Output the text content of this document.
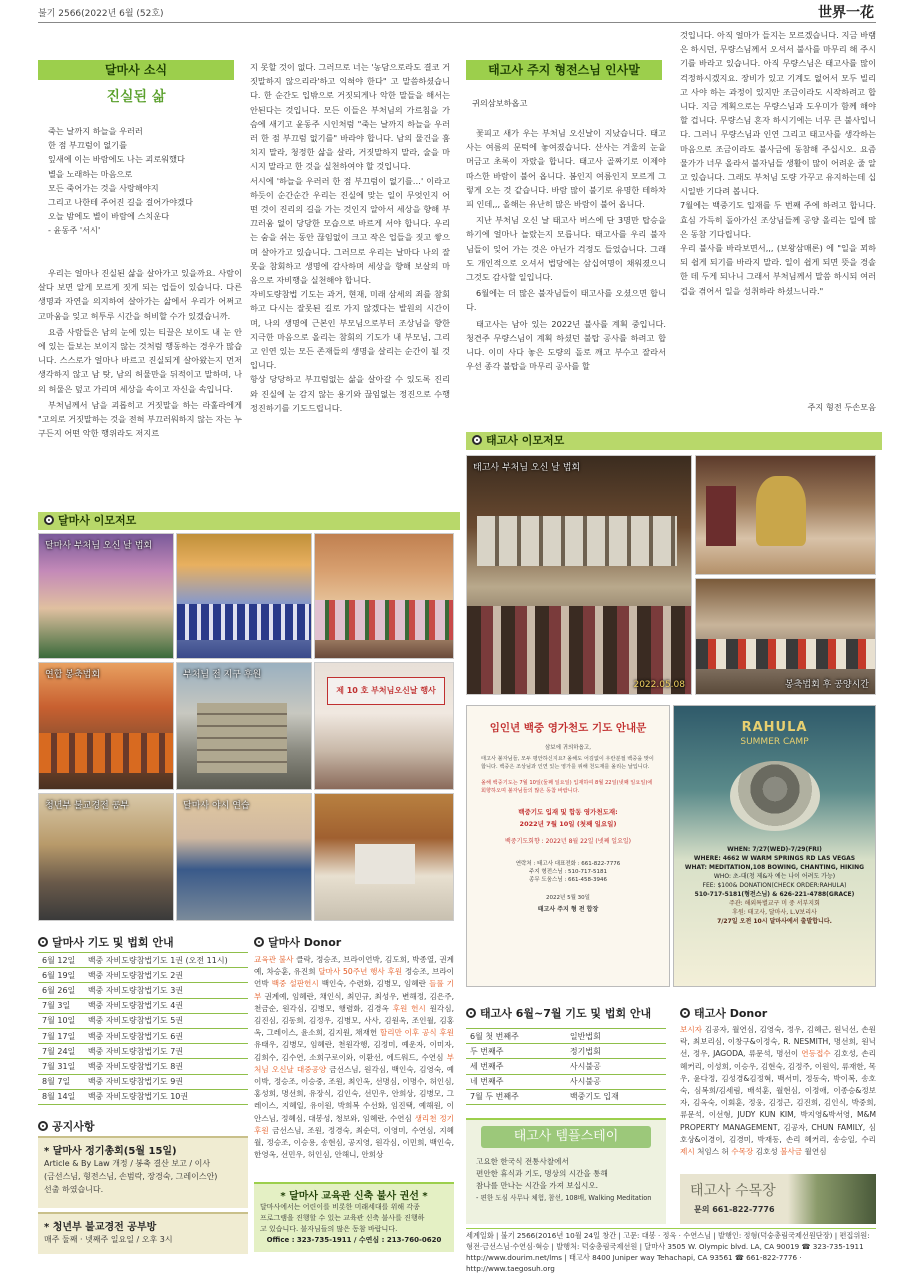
불기 2566(2022년 6월 (52호)	世界一花
달마사 소식
진실된 삶
죽는 날까지 하늘을 우러러
한 점 부끄럼이 없기를
잎새에 이는 바람에도 나는 괴로워했다
별을 노래하는 마음으로
모든 죽어가는 것을 사랑해야지
그리고 나한테 주어진 길을 걸어가야겠다
오늘 밤에도 별이 바람에 스치운다
- 윤동주 '서시'
우리는 얼마나 진실된 삶을 살아가고 있을까요. 사람이 살다 보면 알게 모르게 짓게 되는 업들이 있습니다. 다른 생명과 자연을 의지하여 살아가는 삶에서 우리가 어쩌고 고마움을 잊고 허투루 시간을 허비할 수가 있겠습니까.
요즘 사람들은 남의 눈에 있는 티끌은 보이도 내 눈 안에 있는 들보는 보이지 않는 것처럼 행동하는 경우가 많습니다. 스스로가 얼마나 바르고 진실되게 살아왔는지 먼저 생각하지 않고 남 탓, 남의 허물만을 뒤적이고 말하며, 나의 허물은 덮고 가리며 세상을 속이고 자신을 속입니다.
부처님께서 남을 괴롭히고 거짓말을 하는 라훌라에게 "고의로 거짓말하는 것을 전혀 부끄러워하지 않는 자는 누구든지 어떤 악한 행위라도 저지르
지 못할 것이 없다. 그러므로 너는 '농담으로라도 결코 거짓말하지 않으리라'하고 익혀야 한다" 고 말씀하셨습니다. 한 순간도 입밖으로 거짓되게나 악한 말들을 해서는 안된다는 것입니다. 모든 이들은 부처님의 가르침을 가슴에 새기고 윤동주 시인처럼 "죽는 날까지 하늘을 우러러 한 점 부끄럼 없기를" 바라야 합니다. 남의 물건을 훔치지 말라, 청정한 삶을 살라, 거짓말하지 말라, 술을 마시지 말라고 한 것을 실천하여야 할 것입니다.
서시에 '하늘을 우러러 한 점 부끄럼이 없기를…' 이라고 하듯이 순간순간 우리는 진실에 맞는 일이 무엇인지 어떤 것이 진리의 길을 가는 것인지 알아서 세상을 향해 부끄러움 없이 당당한 모습으로 바르게 서야 합니다. 우리는 숨을 쉬는 동안 끊임없이 크고 작은 업들을 짓고 쌓으며 살아가고 있습니다. 그러므로 우리는 날마다 나의 잘못을 참회하고 생명에 감사하며 세상을 향해 보살의 마음으로 자비행을 실천해야 합니다.
자비도량참법 기도는 과거, 현재, 미래 삼세의 죄를 참회하고 다시는 잘못된 길로 가지 않겠다는 발원의 시간이며, 나의 생명에 근본인 부모님으로부터 조상님을 향한 지극한 마음으로 올리는 참회의 기도가 내 부모님, 그리고 인연 있는 모든 존재들의 생명을 살리는 순간이 될 것입니다.
항상 당당하고 부끄럼없는 삶을 살아갈 수 있도록 진리와 진실에 눈 감지 않는 용기와 끊임없는 정진으로 수행정진하기를 기도드립니다.
태고사 주지 형전스님 인사말
귀의삼보하옵고
꽃피고 새가 우는 부처님 오신날이 지났습니다. 태고사는 여름의 문턱에 놓여졌습니다. 산사는 겨울의 눈을 머금고 초록이 자랐을 합니다. 태고사 골짜기로 이제야 따스한 바람이 불어 옵니다. 봄인지 여름인지 모르게 그렇게 오는 것 같습니다. 바람 많이 불기로 유명한 테하차피 인데,,, 올해는 유난히 많은 바람이 불어 옵니다.
지난 부처님 오신 날 태고사 버스에 단 3명만 탑승을 하기에 얼마나 놀랐는지 모릅니다. 태고사를 우리 불자님들이 잊어 가는 것은 아닌가 걱정도 들었습니다. 그래도 개인적으로 오셔서 법당에는 삼십여명이 채워졌으니 그것도 감사할 일입니다.
6월에는 더 많은 불자님들이 태고사를 오셨으면 합니다.
태고사는 남아 있는 2022년 불사를 계획 중입니다. 청견주 무량스님이 계획 하셨던 불탑 공사를 하려고 합니다. 이미 사다 놓은 도량의 돌로 깨고 부수고 잘라서 우선 종각 불탑을 마무리 공사를 할
것입니다. 아직 얼마가 들지는 모르겠습니다. 지금 바램은 하시던, 무량스님께서 오셔서 불사를 마무리 해 주시기를 바라고 있습니다. 아직 무량스님은 태고사를 많이 걱정하시겠지요. 장비가 있고 기계도 없어서 모두 빌리고 사야 하는 과정이 있지만 조금이라도 시작하려고 합니다. 지금 계획으로는 무량스님과 도우미가 함께 해야 할 겁니다. 무량스님 혼자 하시기에는 너무 큰 불사입니다. 그러니 무량스님과 인연 그리고 태고사를 생각하는 마음으로 조금이라도 불사금에 동참해 주십시오. 요즘 물가가 너무 올라서 불자님들 생활이 많이 어려운 줄 알고 있습니다. 그래도 부처님 도량 가꾸고 유지하는데 십시일반 기다려 봅니다.
7월에는 백중기도 입재를 두 번째 주에 하려고 합니다. 효심 가득히 돌아가신 조상님들께 공양 올리는 일에 많은 동참 기다립니다.
우리 불사를 바라보면서,,, (보왕삼매론) 에 "일을 꾀하되 쉽게 되기를 바라지 말라. 일이 쉽게 되면 뜻을 경솔한 데 두게 되나니 그래서 부처님께서 말씀 하시되 여러 겁을 겪어서 일을 성취하라 하셨느니라."
주지 형전 두손모음
태고사 이모저모
태고사 부처님 오신 날 법회
2022.05.08	봉축법회 후 공양시간
임인년 백중 영가천도 기도 안내문
삼보에 귀의하옵고,
태고사 불자님들, 모두 평안하신지요? 올해도 어김없이 우란분절 백중을 맞이 합니다. 백중은 조상님과 인연 있는 영가를 위해 천도재를 올리는 날입니다.
올해 백중기도는 7월 10일(둘째 일요일) 입재하여 8월 22일(넷째 일요일)에 회향하오며 불자님들의 많은 동참 바랍니다.
백중기도 입재 및 합동 영가천도재:
2022년 7월 10일 (첫째 일요일)
백중기도회향 : 2022년 8월 22일 (넷째 일요일)
연락처 : 태고사 대표전화 : 661-822-7776
주지 형전스님 : 510-717-5181
종무 도움스님 : 661-458-3946
2022년 5월 30일
태고사 주지 형 전 합장
RAHULA
SUMMER CAMP
WHEN: 7/27(WED)-7/29(FRI)
WHERE: 4662 W WARM SPRINGS RD LAS VEGAS
WHAT: MEDITATION,108 BOWING, CHANTING, HIKING
WHO: 초-대(청 제&자 예는 나이 어려도 가능)
FEE: $100& DONATION(CHECK ORDER:RAHULA)
510-717-5181(형전스님) & 626-221-4788(GRACE)
주관: 해외특별교구 미 중 서부지회
후원: 태고사, 달마사, L.V보리사
7/27일 오전 10시 달마사에서 출발합니다.
달마사 이모저모
달마사 부처님 오신 날 법회
연합 봉축법회	부처님 전 지구 후원
제 10 호 부처님오신날 행사
청년부 불교경전 공부	달마사 야시 연습
달마사 기도 및 법회 안내
6월 12일	백중 자비도량참법기도 1권 (오전 11시)
6월 19일	백중 자비도량참법기도 2권
6월 26일	백중 자비도량참법기도 3권
7월 3일	백중 자비도량참법기도 4권
7월 10일	백중 자비도량참법기도 5권
7월 17일	백중 자비도량참법기도 6권
7월 24일	백중 자비도량참법기도 7권
7월 31일	백중 자비도량참법기도 8권
8월 7일	백중 자비도량참법기도 9권
8월 14일	백중 자비도량참법기도 10권
공지사항
* 달마사 정기총회(5월 15일)
Article & By Law 개정 / 봉축 결산 보고 / 이사
(금선스님, 형전스님, 손범락, 장경숙, 그레이스안)
선출 하였습니다.
* 청년부 불교경전 공부방
매주 둘째 · 넷째주 일요일 / 오후 3시
달마사 Donor
교육관 불사 클락, 정승조, 브라이언박, 김도희, 박종열, 권계예, 차승훈, 유진희 달마사 50주년 행사 후원 정승조, 브라이언박 백중 설판헌시 백인숙, 수련화, 김병모, 임혜란 들풀 기부 권계예, 임혜란, 채인식, 최민규, 최성우, 변해정, 김은주, 천금순, 원각심, 김병모, 행렴화, 김경옥 후원 헌시 원각심, 김진심, 김동희, 김정우, 김병모, 사사, 김원옥, 조인월, 김홍옥, 그레이스, 윤소희, 김지원, 채재헌 할리만 이후 공식 후원 유태우, 김병모, 임혜란, 천원각행, 김정미, 예운자, 이미자, 김희수, 김수연, 소희구로이와, 이환선, 에드워드, 수연심 부처님 오신날 대중공양 금선스님, 원각심, 백인숙, 김영숙, 예이박, 정승조, 이승중, 조원, 최인옥, 선명심, 이명수, 허인심, 홍성희, 명선희, 유장식, 김인숙, 선민우, 안희상, 김병모, 그레이스, 지혜일, 유이원, 박희복 수선화, 임진택, 예해원, 이안스님, 정혜심, 대봉성, 청보와, 임혜란, 수연심 생리천 정기 후원 금선스님, 조원, 정경숙, 최순덕, 이영미, 수연심, 지혜월, 정승조, 이승용, 송현심, 공지영, 원각심, 이민희, 백인숙, 한영옥, 선민우, 허인심, 안해니, 안희상
* 달마사 교육관 신축 불사 권선 *
달마사에서는 어린이를 비롯한 미래세대를 위해 각종
프로그램을 진행할 수 있는 교육관 신축 불사를 진행하
고 있습니다. 불자님들의 많은 동참 바랍니다.
Office : 323-735-1911 / 수연심 : 213-760-0620
태고사 6월~7월 기도 및 법회 안내
6월 첫 번째주	일반법회
두 번째주	정기법회
세 번째주	사시불공
네 번째주	사시불공
7월 두 번째주	백중기도 입재
태고사 템플스테이
고요한 한국식 전통사찰에서
편안한 휴식과 기도, 명상의 시간을 통해
참나를 만나는 시간을 가져 보십시오.
- 편한 도심 사무나 체험, 참선, 108배, Walking Meditation
태고사 Donor
보시자 김공자, 월연심, 김영숙, 정우, 김혜근, 원닉선, 손원락, 최보리심, 이창구&이정숙, R. NESMITH, 명선희, 원닉선, 정우, JAGODA, 류문석, 명선이 연등접수 김호성, 손리 혜커리, 이성희, 이승우, 김현숙, 김정주, 이원익, 류재한, 목우, 윤다정, 김성경&김정혁, 백서미, 정동숙, 박이복, 송호숙, 심복희/김세림, 배석훈, 월현심, 이정애, 이종승&정보자, 김옥숙, 이회훈, 정웅, 김정근, 김진희, 김인식, 박중희, 류문석, 이선형, JUDY KUN KIM, 박지영&박서영, M&M PROPERTY MANAGEMENT, 김공자, CHUN FAMILY, 심호상&이경이, 김경미, 박재동, 손리 혜커리, 송승일, 수리 제시 처임스 허 수목장 김호성 불사금 월연심
태고사 수목장
문의 661-822-7776
세계일화 | 불기 2566(2016년 10월 24일 창간 | 고문: 대봉 · 정욱 · 수연스님 | 발행인: 정형(덕숭총림국제선원단장) | 편집위원:
형전·금선스님·수연심·혁승 | 발행처: 덕숭총림국제선원 | 달마사 3505 W. Olympic blvd. LA, CA 90019 ☎ 323-735-1911
http://www.dourim.net/lms | 태고사 8400 Juniper way Tehachapi, CA 93561 ☎ 661-822-7776 · http://www.taegosuh.org
